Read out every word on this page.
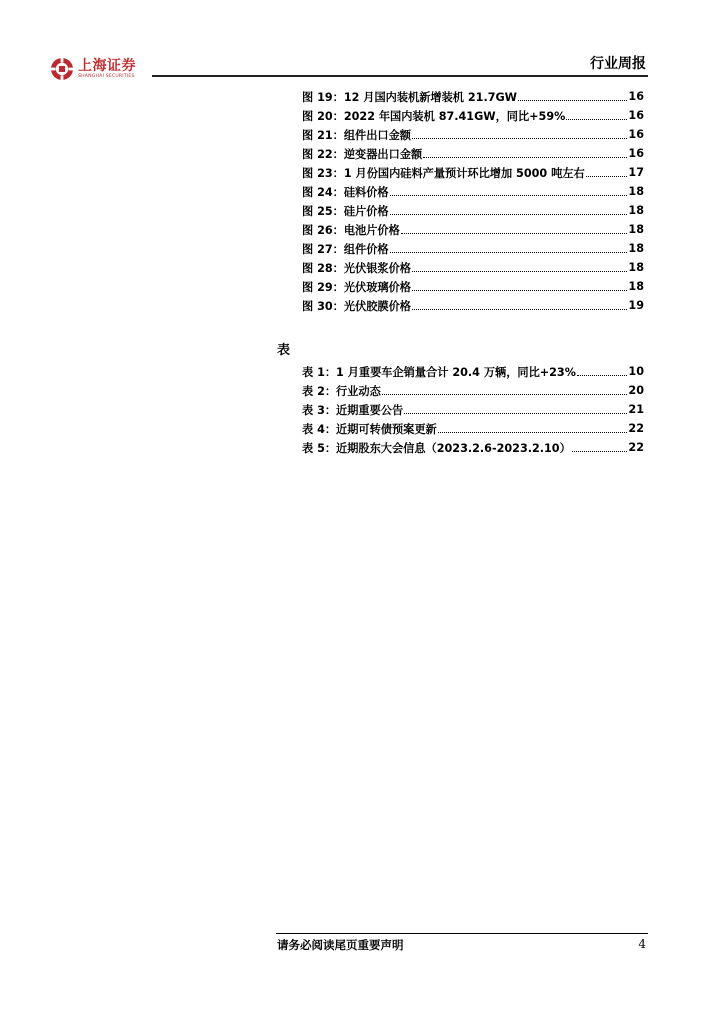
上海证券
SHANGHAI SECURITIES
行业周报
图 19：12 月国内装机新增装机 21.7GW	16
图 20：2022 年国内装机 87.41GW，同比+59%	16
图 21：组件出口金额	16
图 22：逆变器出口金额	16
图 23：1 月份国内硅料产量预计环比增加 5000 吨左右	17
图 24：硅料价格	18
图 25：硅片价格	18
图 26：电池片价格	18
图 27：组件价格	18
图 28：光伏银浆价格	18
图 29：光伏玻璃价格	18
图 30：光伏胶膜价格	19
表
表 1：1 月重要车企销量合计 20.4 万辆，同比+23%	10
表 2：行业动态	20
表 3：近期重要公告	21
表 4：近期可转债预案更新	22
表 5：近期股东大会信息（2023.2.6-2023.2.10）	22
请务必阅读尾页重要声明	4
